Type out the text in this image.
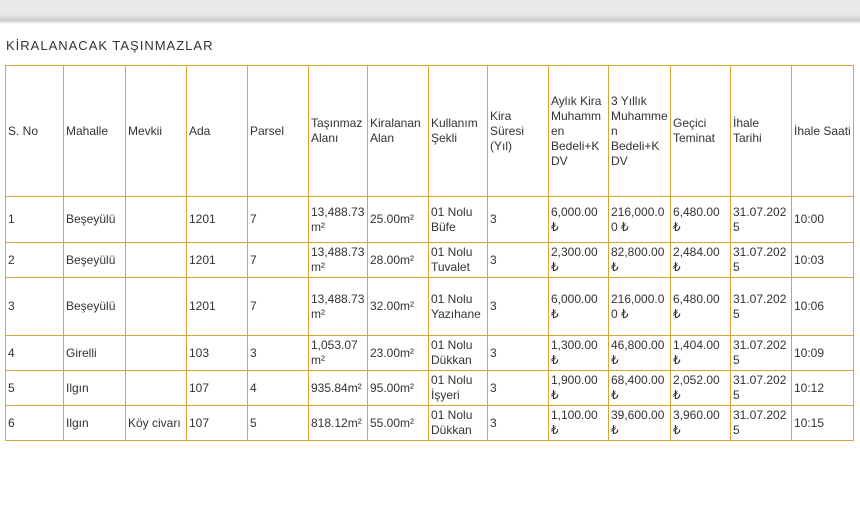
KİRALANACAK TAŞINMAZLAR
S. No	Mahalle	Mevkii	Ada	Parsel	Taşınmaz Alanı	Kiralanan Alan	Kullanım Şekli	Kira Süresi (Yıl)	Aylık Kira Muhammen Bedeli+KDV	3 Yıllık Muhammen Bedeli+KDV	Geçici Teminat	İhale Tarihi	İhale Saati
1	Beşeyülü		1201	7	13,488.73m²	25.00m²	01 Nolu Büfe	3	6,000.00 ₺	216,000.00 ₺	6,480.00 ₺	31.07.2025	10:00
2	Beşeyülü		1201	7	13,488.73m²	28.00m²	01 Nolu Tuvalet	3	2,300.00 ₺	82,800.00 ₺	2,484.00 ₺	31.07.2025	10:03
3	Beşeyülü		1201	7	13,488.73m²	32.00m²	01 Nolu Yazıhane	3	6,000.00 ₺	216,000.00 ₺	6,480.00 ₺	31.07.2025	10:06
4	Girelli		103	3	1,053.07m²	23.00m²	01 Nolu Dükkan	3	1,300.00 ₺	46,800.00 ₺	1,404.00 ₺	31.07.2025	10:09
5	Ilgın		107	4	935.84m²	95.00m²	01 Nolu İşyeri	3	1,900.00 ₺	68,400.00 ₺	2,052.00 ₺	31.07.2025	10:12
6	Ilgın	Köy civarı	107	5	818.12m²	55.00m²	01 Nolu Dükkan	3	1,100.00 ₺	39,600.00 ₺	3,960.00 ₺	31.07.2025	10:15
